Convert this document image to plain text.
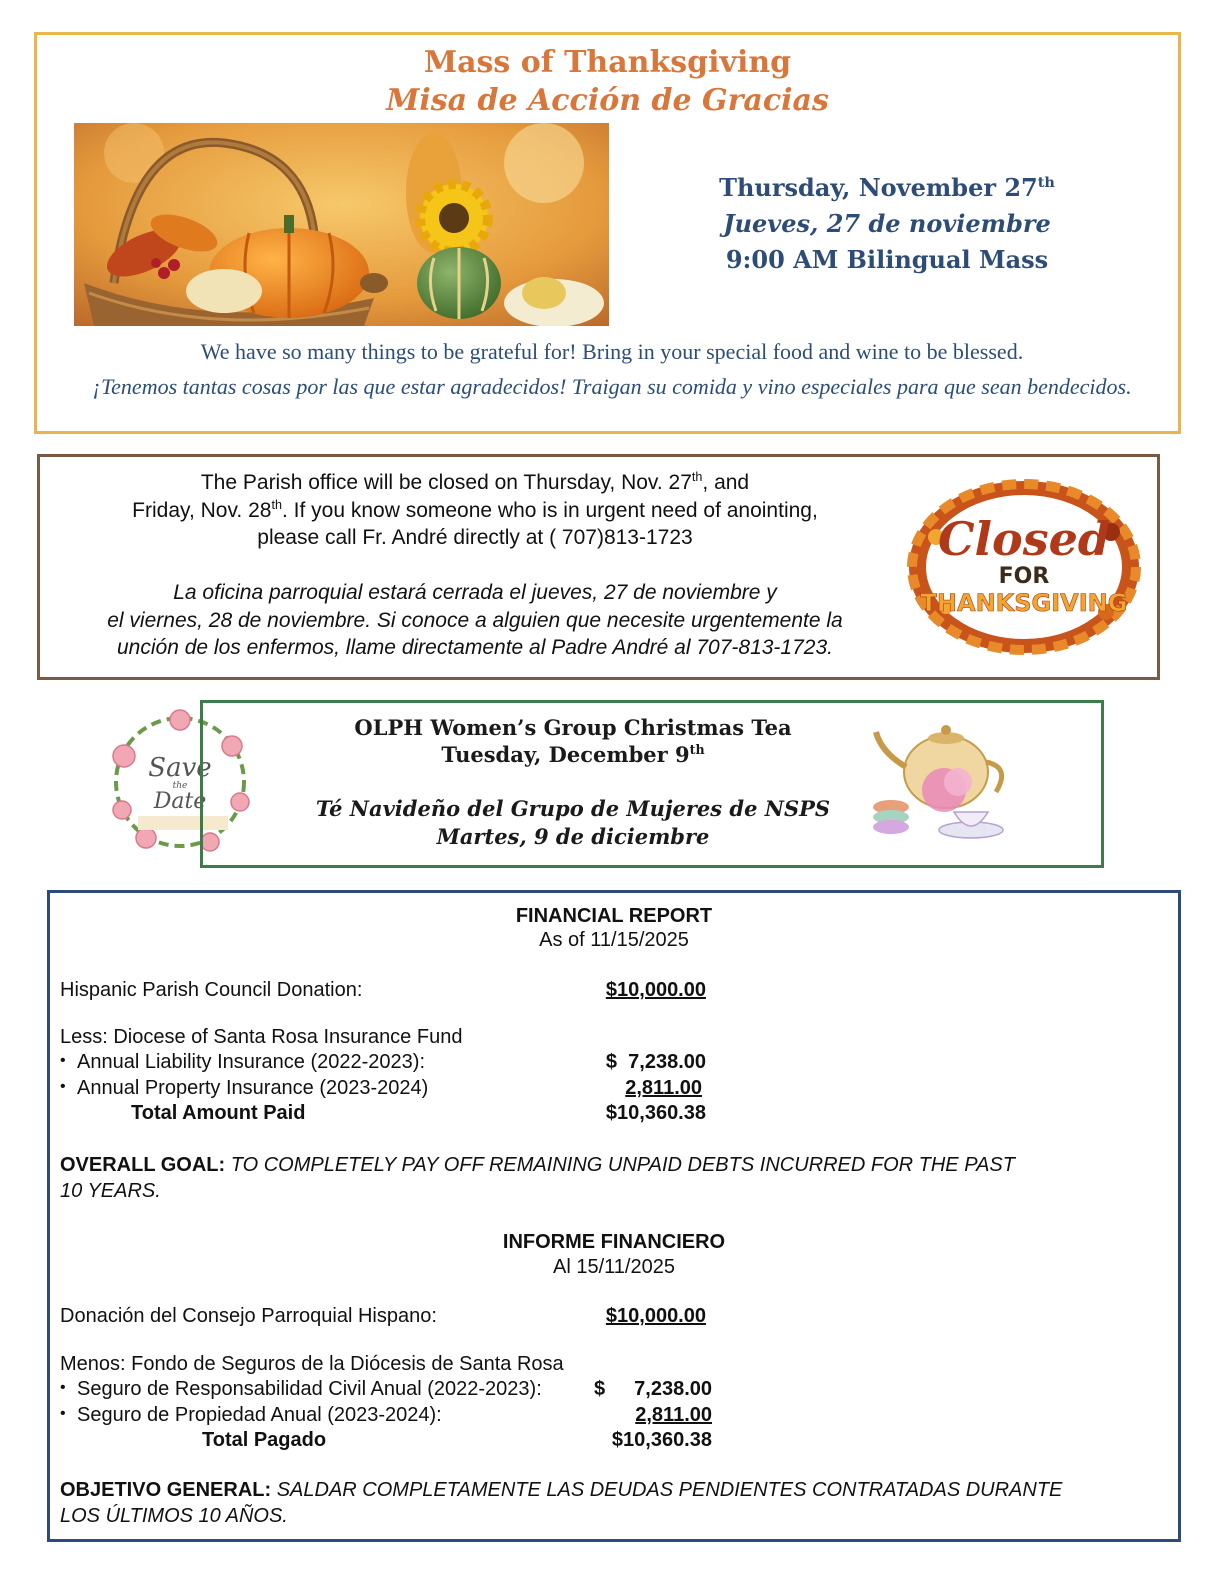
Mass of Thanksgiving
Misa de Acción de Gracias
Thursday, November 27th
Jueves, 27 de noviembre
9:00 AM Bilingual Mass
We have so many things to be grateful for! Bring in your special food and wine to be blessed.
¡Tenemos tantas cosas por las que estar agradecidos! Traigan su comida y vino especiales para que sean bendecidos.
The Parish office will be closed on Thursday, Nov. 27th, and
Friday, Nov. 28th. If you know someone who is in urgent need of anointing,
please call Fr. André directly at ( 707)813-1723
La oficina parroquial estará cerrada el jueves, 27 de noviembre y
el viernes, 28 de noviembre. Si conoce a alguien que necesite urgentemente la
unción de los enfermos, llame directamente al Padre André al 707-813-1723.
Closed
FOR
THANKSGIVING
Save
the
Date
OLPH Women’s Group Christmas Tea
Tuesday, December 9th
Té Navideño del Grupo de Mujeres de NSPS
Martes, 9 de diciembre
FINANCIAL REPORT
As of 11/15/2025
Hispanic Parish Council Donation:	$10,000.00
Less: Diocese of Santa Rosa Insurance Fund
• Annual Liability Insurance (2022-2023):	$  7,238.00
• Annual Property Insurance (2023-2024)	2,811.00
Total Amount Paid	$10,360.38
OVERALL GOAL: TO COMPLETELY PAY OFF REMAINING UNPAID DEBTS INCURRED FOR THE PAST
10 YEARS.
INFORME FINANCIERO
Al 15/11/2025
Donación del Consejo Parroquial Hispano:	$10,000.00
Menos: Fondo de Seguros de la Diócesis de Santa Rosa
• Seguro de Responsabilidad Civil Anual (2022-2023):	$	7,238.00
• Seguro de Propiedad Anual (2023-2024):	2,811.00
Total Pagado	$10,360.38
OBJETIVO GENERAL: SALDAR COMPLETAMENTE LAS DEUDAS PENDIENTES CONTRATADAS DURANTE
LOS ÚLTIMOS 10 AÑOS.
